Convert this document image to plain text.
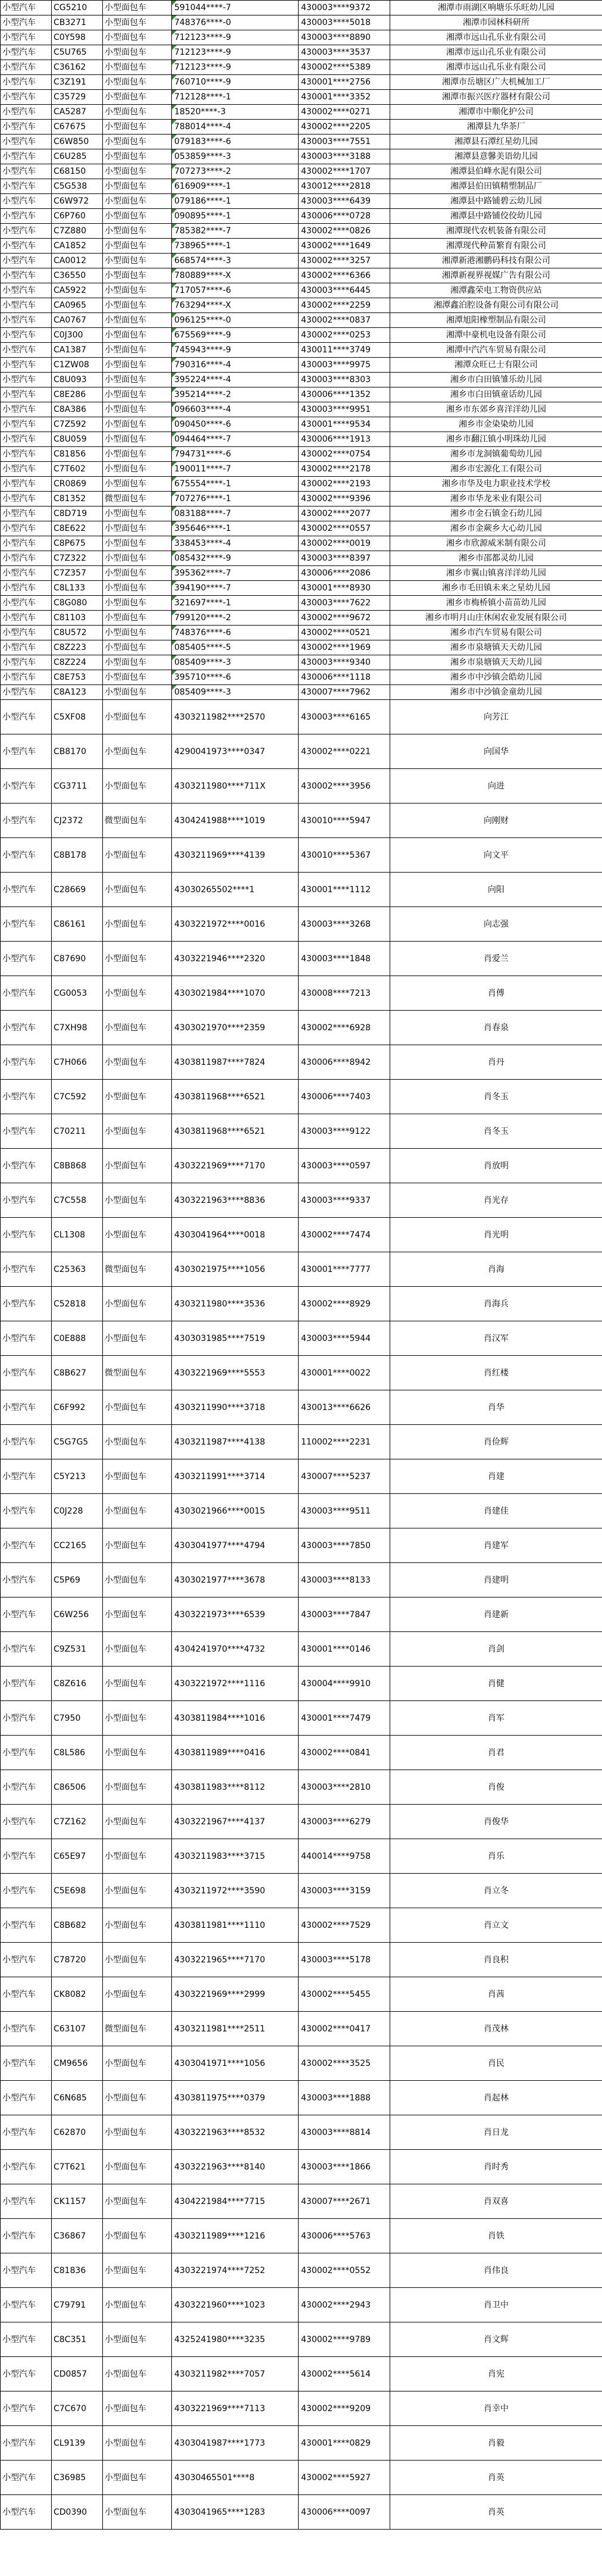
小型汽车	CG5210	小型面包车	591044****-7	430003****9372	湘潭市雨湖区响塘乐乐旺幼儿园
小型汽车	CB3271	小型面包车	748376****-0	430003****5018	湘潭市园林科研所
小型汽车	C0Y598	小型面包车	712123****-9	430003****8890	湘潭市远山孔乐业有限公司
小型汽车	C5U765	小型面包车	712123****-9	430003****3537	湘潭市远山孔乐业有限公司
小型汽车	C36162	小型面包车	712123****-9	430002****5389	湘潭市远山孔乐业有限公司
小型汽车	C3Z191	小型面包车	760710****-9	430001****2756	湘潭市岳塘区广大机械加工厂
小型汽车	C35729	小型面包车	712128****-1	430001****3352	湘潭市振兴医疗器材有限公司
小型汽车	CA5287	小型面包车	18520****-3	430002****0271	湘潭市中顺化护公司
小型汽车	C67675	小型面包车	788014****-4	430002****2205	湘潭县九华茶厂
小型汽车	C6W850	小型面包车	079183****-6	430003****7551	湘潭县石潭红星幼儿园
小型汽车	C6U285	小型面包车	053859****-3	430003****3188	湘潭县意馨美语幼儿园
小型汽车	C68150	小型面包车	707273****-2	430002****1707	湘潭县伯峰水泥有限公司
小型汽车	C5G538	小型面包车	616909****-1	430012****2818	湘潭县伯田镇精塑制品厂
小型汽车	C6W972	小型面包车	079186****-1	430003****6439	湘潭县中路铺碧云幼儿园
小型汽车	C6P760	小型面包车	090895****-1	430006****0728	湘潭县中路铺佼佼幼儿园
小型汽车	C7Z880	小型面包车	785382****-7	430002****0826	湘潭现代农机装备有限公司
小型汽车	CA1852	小型面包车	738965****-1	430002****1649	湘潭现代种苗繁育有限公司
小型汽车	CA0012	小型面包车	668574****-3	430002****3257	湘潭新港湘鹏码科技有限公司
小型汽车	C36550	小型面包车	780889****-X	430002****6366	湘潭新视界视媒广告有限公司
小型汽车	CA5922	小型面包车	717057****-6	430003****6445	湘潭鑫荣电工物资供应站
小型汽车	CA0965	小型面包车	763294****-X	430002****2259	湘潭鑫泊腔设备有限公司有限公司
小型汽车	CA0767	小型面包车	096125****-0	430002****0837	湘潭旭阳橡塑制品有限公司
小型汽车	C0J300	小型面包车	675569****-9	430002****0253	湘潭中豪机电设备有限公司
小型汽车	CA1387	小型面包车	745943****-9	430011****3749	湘潭中汽汽车贸易有限公司
小型汽车	C1ZW08	小型面包车	790316****-4	430003****9975	湘潭众旺已士有限公司
小型汽车	C8U093	小型面包车	395224****-4	430003****8303	湘乡市白田镇雏乐幼儿园
小型汽车	C8E286	小型面包车	395214****-2	430006****1352	湘乡市白田镇童话幼儿园
小型汽车	C8A386	小型面包车	096603****-4	430003****9951	湘乡市东郊乡喜洋洋幼儿园
小型汽车	C7Z592	小型面包车	090450****-6	430001****9534	湘乡市金染染幼儿园
小型汽车	C8U059	小型面包车	094464****-7	430006****1913	湘乡市翻江镇小明珠幼儿园
小型汽车	C81856	小型面包车	794731****-6	430002****0754	湘乡市龙洞镇葡萄幼儿园
小型汽车	C7T602	小型面包车	190011****-7	430002****2178	湘乡市宏源化工有限公司
小型汽车	CR0869	小型面包车	675554****-1	430002****2193	湘乡市华及电力职业技术学校
小型汽车	C81352	微型面包车	707276****-1	430002****9396	湘乡市华龙米业有限公司
小型汽车	C8D719	小型面包车	083188****-7	430002****2077	湘乡市金石镇金石幼儿园
小型汽车	C8E622	小型面包车	395646****-1	430002****0557	湘乡市金蕨乡大心幼儿园
小型汽车	C8P675	小型面包车	338453****-4	430002****0019	湘乡市欣源威米制有限公司
小型汽车	C7Z322	小型面包车	085432****-9	430003****8397	湘乡市邵都灵幼儿园
小型汽车	C7Z357	小型面包车	395362****-7	430006****2086	湘乡市翼山镇喜洋洋幼儿园
小型汽车	C8L133	小型面包车	394190****-7	430001****8930	湘乡市毛田镇未来之星幼儿园
小型汽车	C8G080	小型面包车	321697****-1	430003****7622	湘乡市梅桥镇小苗苗幼儿园
小型汽车	C81103	小型面包车	799120****-2	430002****9672	湘乡市明月山庄休闲农业发展有限公司
小型汽车	C8U572	小型面包车	748376****-6	430002****0521	湘乡市汽车贸易有限公司
小型汽车	C8Z223	小型面包车	085405****-5	430002****1969	湘乡市泉塘镇天天幼儿园
小型汽车	C8Z224	小型面包车	085409****-3	430003****9340	湘乡市泉塘镇天天幼儿园
小型汽车	C8E753	小型面包车	395710****-6	430006****1118	湘乡市中沙镇会皓幼儿园
小型汽车	C8A123	小型面包车	085409****-3	430007****7962	湘乡市中沙镇金童幼儿园
小型汽车	C5XF08	小型面包车	4303211982****2570	430003****6165	向芳江
小型汽车	CB8170	小型面包车	4290041973****0347	430002****0221	向国华
小型汽车	CG3711	小型面包车	4303211980****711X	430002****3956	向进
小型汽车	CJ2372	微型面包车	4304241988****1019	430010****5947	向刚财
小型汽车	C8B178	小型面包车	4303211969****4139	430010****5367	向文平
小型汽车	C28669	小型面包车	43030265502****1	430001****1112	向阳
小型汽车	C86161	小型面包车	4303221972****0016	430003****3268	向志强
小型汽车	C87690	小型面包车	4303221946****2320	430003****1848	肖爱兰
小型汽车	CG0053	小型面包车	4303021984****1070	430008****7213	肖傅
小型汽车	C7XH98	小型面包车	4303021970****2359	430002****6928	肖春泉
小型汽车	C7H066	小型面包车	4303811987****7824	430006****8942	肖丹
小型汽车	C7C592	小型面包车	4303811968****6521	430006****7403	肖冬玉
小型汽车	C70211	小型面包车	4303811968****6521	430003****9122	肖冬玉
小型汽车	C8B868	小型面包车	4303221969****7170	430003****0597	肖放明
小型汽车	C7C558	小型面包车	4303221963****8836	430003****9337	肖光存
小型汽车	CL1308	小型面包车	4303041964****0018	430002****7474	肖光明
小型汽车	C25363	微型面包车	4303021975****1056	430001****7777	肖海
小型汽车	C52818	小型面包车	4303211980****3536	430002****8929	肖海兵
小型汽车	C0E888	小型面包车	4303031985****7519	430003****5944	肖汉军
小型汽车	C8B627	微型面包车	4303221969****5553	430001****0022	肖红楼
小型汽车	C6F992	小型面包车	4303211990****3718	430013****6626	肖华
小型汽车	C5G7G5	小型面包车	4303211987****4138	110002****2231	肖俭辉
小型汽车	C5Y213	小型面包车	4303211991****3714	430007****5237	肖建
小型汽车	C0J228	小型面包车	4303021966****0015	430003****9511	肖建佳
小型汽车	CC2165	小型面包车	4303041977****4794	430003****7850	肖建军
小型汽车	C5P69	小型面包车	4303021977****3678	430003****8133	肖建明
小型汽车	C6W256	小型面包车	4303221973****6539	430003****7847	肖建新
小型汽车	C9Z531	小型面包车	4304241970****4732	430001****0146	肖剑
小型汽车	C8Z616	小型面包车	4303221972****1116	430004****9910	肖健
小型汽车	C7950	小型面包车	4303811984****1016	430001****7479	肖军
小型汽车	C8L586	小型面包车	4303811989****0416	430002****0841	肖君
小型汽车	C86506	小型面包车	4303811983****8112	430003****2810	肖俊
小型汽车	C7Z162	小型面包车	4303221967****4137	430003****6279	肖俊华
小型汽车	C65E97	小型面包车	4303211983****3715	440014****9758	肖乐
小型汽车	C5E698	小型面包车	4303211972****3590	430003****3159	肖立冬
小型汽车	C8B682	小型面包车	4303811981****1110	430002****7529	肖立文
小型汽车	C78720	小型面包车	4303221965****7170	430003****5178	肖良积
小型汽车	CK8082	小型面包车	4303221969****2999	430002****5455	肖茜
小型汽车	C63107	微型面包车	4303211981****2511	430002****0417	肖茂林
小型汽车	CM9656	小型面包车	4303041971****1056	430002****3525	肖民
小型汽车	C6N685	小型面包车	4303811975****0379	430003****1888	肖起林
小型汽车	C62870	小型面包车	4303221963****8532	430003****8814	肖日龙
小型汽车	C7T621	小型面包车	4303221963****8140	430003****1866	肖时秀
小型汽车	CK1157	小型面包车	4304221984****7715	430007****2671	肖双喜
小型汽车	C36867	小型面包车	4303211989****1216	430006****5763	肖铁
小型汽车	C81836	小型面包车	4303221974****7252	430002****0552	肖伟良
小型汽车	C79791	小型面包车	4303221960****1023	430002****2943	肖卫中
小型汽车	C8C351	小型面包车	4325241980****3235	430002****9789	肖文辉
小型汽车	CD0857	小型面包车	4303211982****7057	430002****5614	肖宪
小型汽车	C7C670	小型面包车	4303221969****7113	430002****9209	肖幸中
小型汽车	CL9139	小型面包车	4303041987****1773	430001****0829	肖毅
小型汽车	C36985	小型面包车	43030465501****8	430002****5927	肖英
小型汽车	CD0390	小型面包车	4303041965****1283	430006****0097	肖英
